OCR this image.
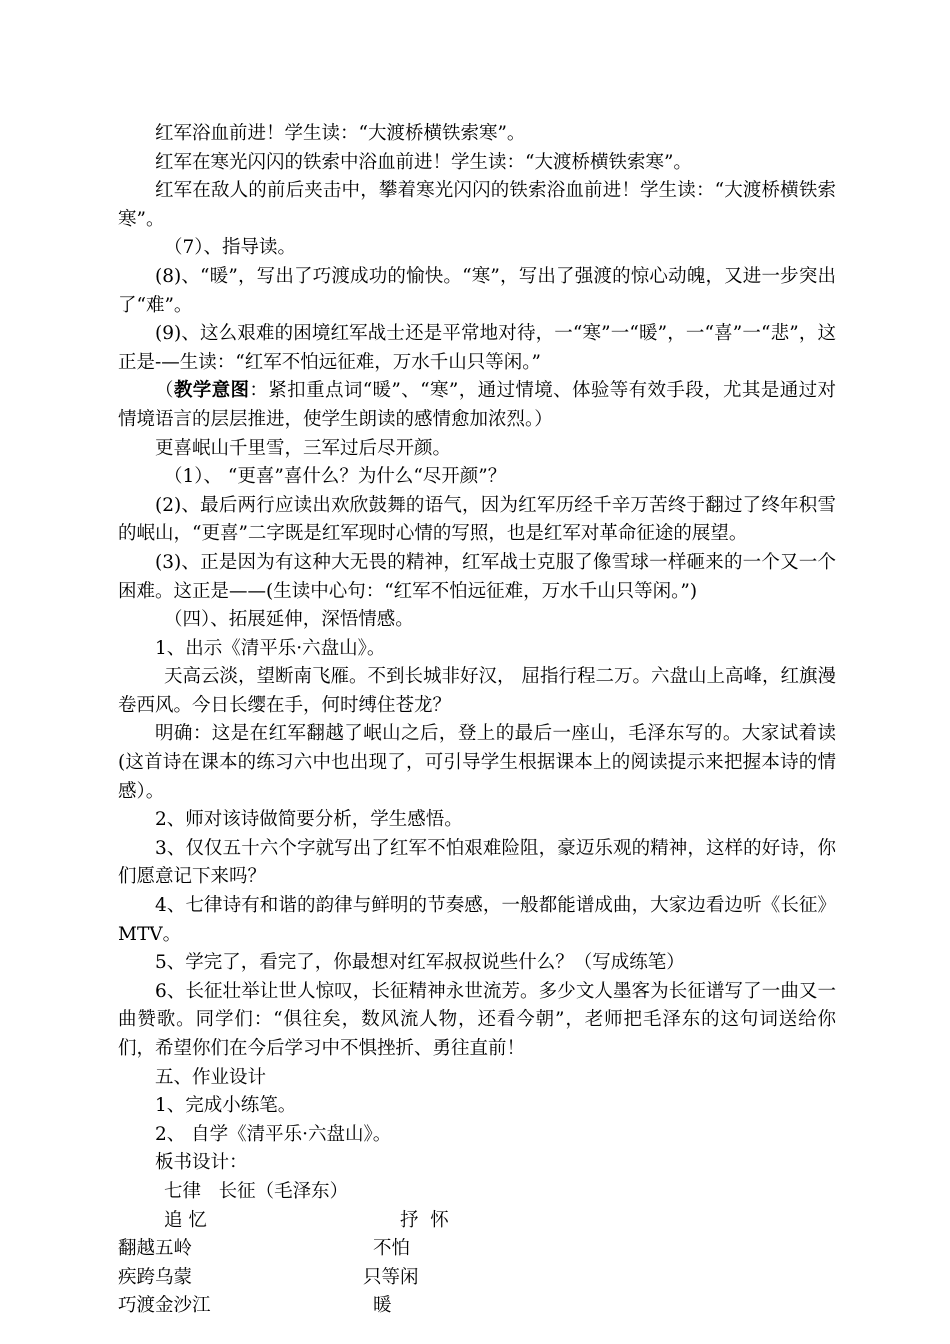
红军浴血前进！学生读：“大渡桥横铁索寒”。

红军在寒光闪闪的铁索中浴血前进！学生读：“大渡桥横铁索寒”。

红军在敌人的前后夹击中，攀着寒光闪闪的铁索浴血前进！学生读：“大渡桥横铁索寒”。

（7）、指导读。

(8)、“暖”，写出了巧渡成功的愉快。“寒”，写出了强渡的惊心动魄，又进一步突出了“难”。

(9)、这么艰难的困境红军战士还是平常地对待，一“寒”一“暖”，一“喜”一“悲”，这正是-—生读：“红军不怕远征难，万水千山只等闲。”

（教学意图：紧扣重点词“暖”、“寒”，通过情境、体验等有效手段，尤其是通过对情境语言的层层推进，使学生朗读的感情愈加浓烈。）

更喜岷山千里雪，三军过后尽开颜。

（1）、 “更喜”喜什么？为什么“尽开颜”？

(2)、最后两行应读出欢欣鼓舞的语气，因为红军历经千辛万苦终于翻过了终年积雪的岷山，“更喜”二字既是红军现时心情的写照，也是红军对革命征途的展望。

(3)、正是因为有这种大无畏的精神，红军战士克服了像雪球一样砸来的一个又一个困难。这正是——(生读中心句：“红军不怕远征难，万水千山只等闲。”)

（四）、拓展延伸，深悟情感。

1、出示《清平乐·六盘山》。

天高云淡，望断南飞雁。不到长城非好汉， 屈指行程二万。六盘山上高峰，红旗漫卷西风。今日长缨在手，何时缚住苍龙？

明确：这是在红军翻越了岷山之后，登上的最后一座山，毛泽东写的。大家试着读(这首诗在课本的练习六中也出现了，可引导学生根据课本上的阅读提示来把握本诗的情感）。

2、师对该诗做简要分析，学生感悟。

3、仅仅五十六个字就写出了红军不怕艰难险阻，豪迈乐观的精神，这样的好诗，你们愿意记下来吗？

4、七律诗有和谐的韵律与鲜明的节奏感，一般都能谱成曲，大家边看边听《长征》MTV。

5、学完了，看完了，你最想对红军叔叔说些什么？（写成练笔）

6、长征壮举让世人惊叹，长征精神永世流芳。多少文人墨客为长征谱写了一曲又一曲赞歌。同学们：“俱往矣，数风流人物，还看今朝”，老师把毛泽东的这句词送给你们，希望你们在今后学习中不惧挫折、勇往直前！

五、作业设计

1、完成小练笔。

2、 自学《清平乐·六盘山》。

板书设计：

七律   长征（毛泽东）
追 忆	抒  怀
翻越五岭	不怕
疾跨乌蒙	只等闲
巧渡金沙江	暖
